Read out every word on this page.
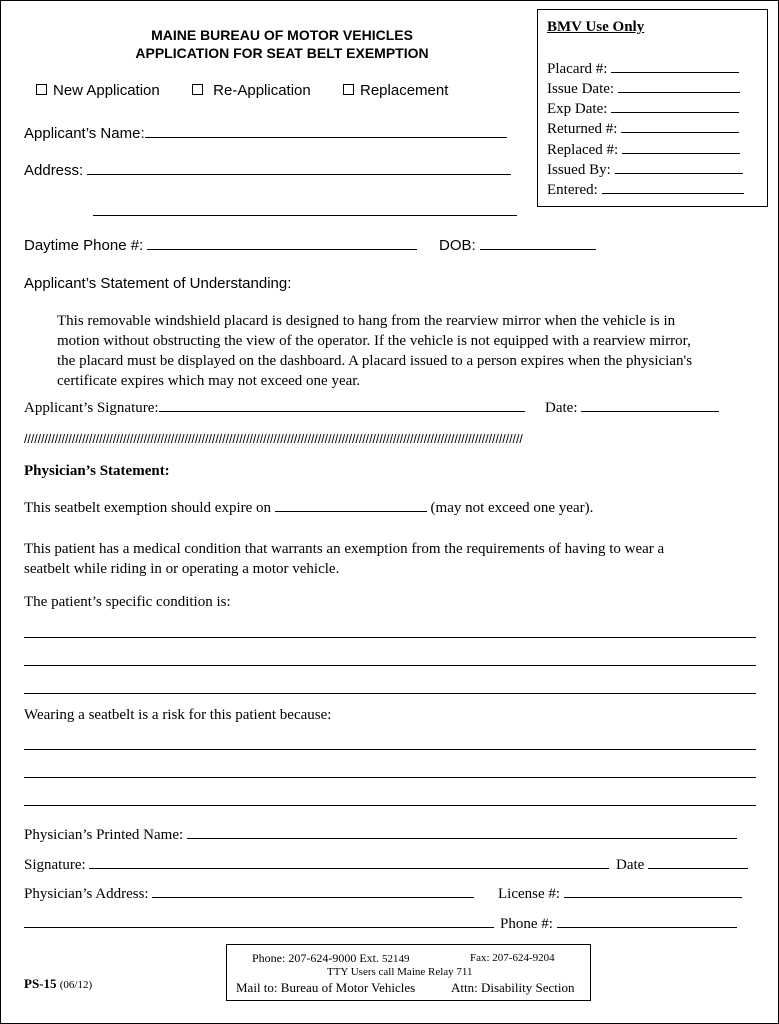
MAINE BUREAU OF MOTOR VEHICLES
APPLICATION FOR SEAT BELT EXEMPTION
BMV Use Only
Placard #:
Issue Date:
Exp Date:
Returned #:
Replaced #:
Issued By:
Entered:
New Application	Re-Application	Replacement
Applicant’s Name:
Address:
Daytime Phone #:	DOB:
Applicant’s Statement of Understanding:
This removable windshield placard is designed to hang from the rearview mirror when the vehicle is in
motion without obstructing the view of the operator. If the vehicle is not equipped with a rearview mirror,
the placard must be displayed on the dashboard. A placard issued to a person expires when the physician's
certificate expires which may not exceed one year.
Applicant’s Signature:	Date:
//////////////////////////////////////////////////////////////////////////////////////////////////////////////////////////////////////////////////
Physician’s Statement:
This seatbelt exemption should expire on	(may not exceed one year).
This patient has a medical condition that warrants an exemption from the requirements of having to wear a
seatbelt while riding in or operating a motor vehicle.
The patient’s specific condition is:
Wearing a seatbelt is a risk for this patient because:
Physician’s Printed Name:
Signature:	Date
Physician’s Address:	License #:
Phone #:
PS-15 (06/12)
Phone: 207-624-9000 Ext. 52149	Fax: 207-624-9204
TTY Users call Maine Relay 711
Mail to: Bureau of Motor Vehicles	Attn: Disability Section
